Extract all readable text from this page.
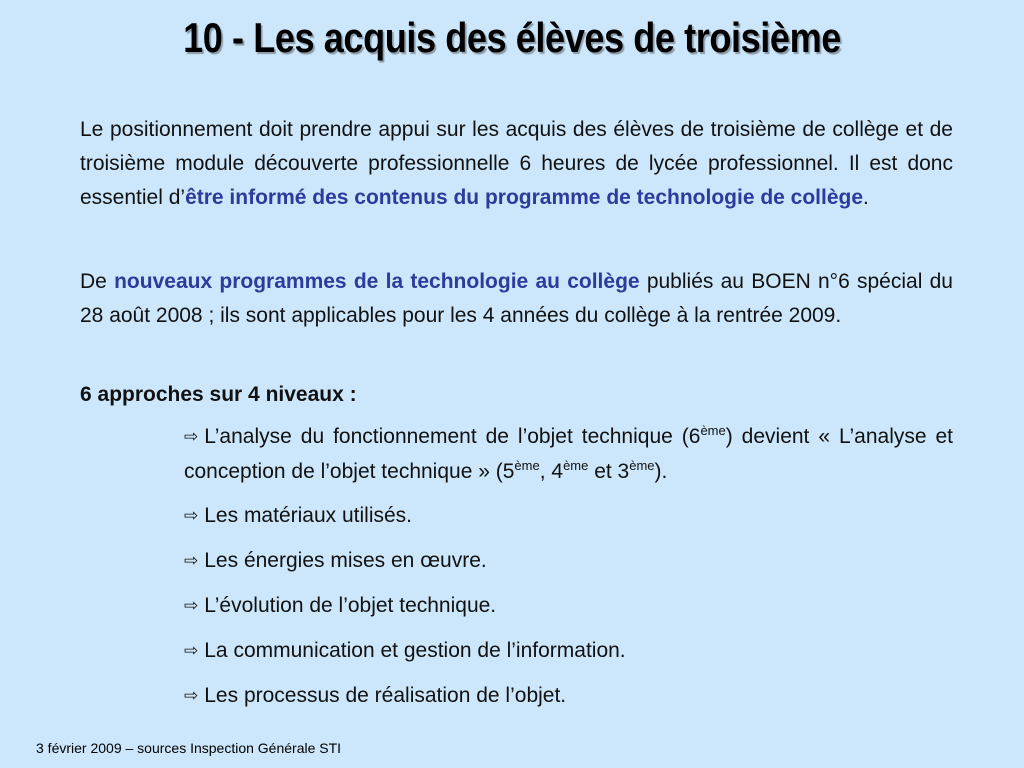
10 - Les acquis des élèves de troisième
Le positionnement doit prendre appui sur les acquis des élèves de troisième de collège et de troisième module découverte professionnelle 6 heures de lycée professionnel. Il est donc essentiel d’être informé des contenus du programme de technologie de collège.
De nouveaux programmes de la technologie au collège publiés au BOEN n°6 spécial du 28 août 2008 ; ils sont applicables pour les 4 années du collège à la rentrée 2009.
6 approches sur 4 niveaux :
⇨ L’analyse du fonctionnement de l’objet technique (6ème) devient « L’analyse et conception de l’objet technique » (5ème, 4ème et 3ème).
⇨ Les matériaux utilisés.
⇨ Les énergies mises en œuvre.
⇨ L’évolution de l’objet technique.
⇨ La communication et gestion de l’information.
⇨ Les processus de réalisation de l’objet.
3 février 2009 – sources Inspection Générale STI
